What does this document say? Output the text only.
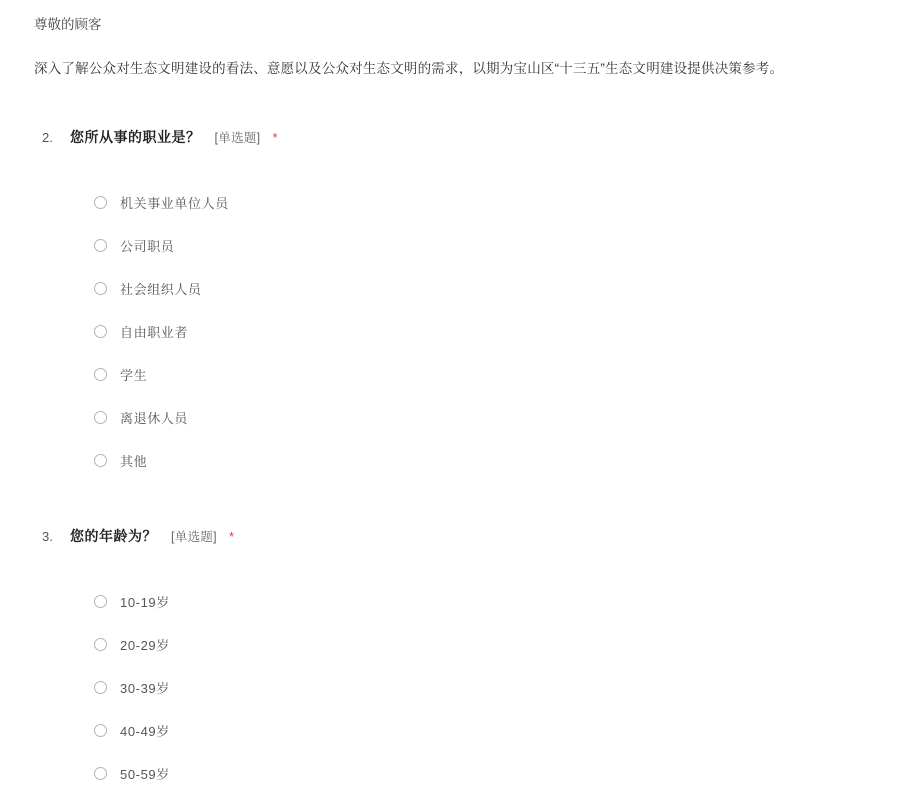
尊敬的顾客

深入了解公众对生态文明建设的看法、意愿以及公众对生态文明的需求，以期为宝山区“十三五”生态文明建设提供决策参考。

2.	您所从事的职业是？ [单选题] *
机关事业单位人员
公司职员
社会组织人员
自由职业者
学生
离退休人员
其他
3.	您的年龄为？ [单选题] *
10-19岁
20-29岁
30-39岁
40-49岁
50-59岁
